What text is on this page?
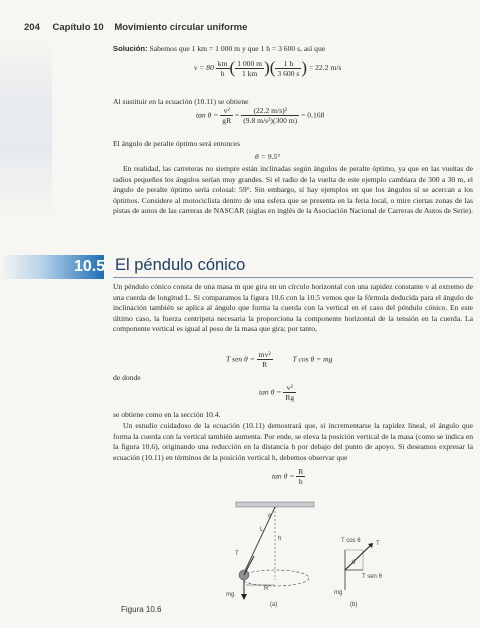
204 Capítulo 10 Movimiento circular uniforme
Solución: Sabemos que 1 km = 1 000 m y que 1 h = 3 600 s, así que
$v = 80 \frac{km}{h}$ ( $\frac{1 000 m}{1 km}$ )( $\frac{1 h}{3 600 s}$ ) = 22.2 m/s
Al sustituir en la ecuación (10.11) se obtiene
$\tan \theta = \frac{\text{v²}}{gR} = \frac{\text{(22.2 m/s)²}}{\text{(9.8 m/s²)(300 m)}} = 0.168$
El ángulo de peralte óptimo será entonces
θ = 9.5°
En realidad, las carreteras no siempre están inclinadas según ángulos de peralte óptimo, ya que en las vueltas de radios pequeños los ángulos serían muy grandes. Si el radio de la vuelta de este ejemplo cambiara de 300 a 30 m, el ángulo de peralte óptimo sería colosal: 59°. Sin embargo, sí hay ejemplos en que los ángulos sí se acercan a los óptimos. Considere al motociclista dentro de una esfera que se presenta en la feria local, o mire ciertas zonas de las pistas de autos de las carreras de NASCAR (siglas en inglés de la Asociación Nacional de Carreras de Autos de Serie).
10.5 El péndulo cónico
Un péndulo cónico consta de una masa m que gira en un círculo horizontal con una rapidez constante v al extremo de una cuerda de longitud L. Si comparamos la figura 10.6 con la 10.5 vemos que la fórmula deducida para el ángulo de inclinación también se aplica al ángulo que forma la cuerda con la vertical en el caso del péndulo cónico. En este último caso, la fuerza centrípeta necesaria la proporciona la componente horizontal de la tensión en la cuerda. La componente vertical es igual al peso de la masa que gira; por tanto,
T sen $\theta = \frac{\text{mv²}}{R}$	T cos θ = mg
de donde
$\tan \theta = \frac{\text{v²}}{Rg}$
se obtiene como en la sección 10.4.
Un estudio cuidadoso de la ecuación (10.11) demostrará que, si incrementarse la rapidez lineal, el ángulo que forma la cuerda con la vertical también aumenta. Por ende, se eleva la posición vertical de la masa (como se indica en la figura 10.6), originando una reducción en la distancia h por debajo del punto de apoyo. Si deseamos expresar la ecuación (10.11) en términos de la posición vertical h, debemos observar que
$\tan \theta = \frac{R}{h}$
L
θ
h
T
R
mg
(a)
T cos θ	T
θ
T sen θ
mg
(b)
Figura 10.6
